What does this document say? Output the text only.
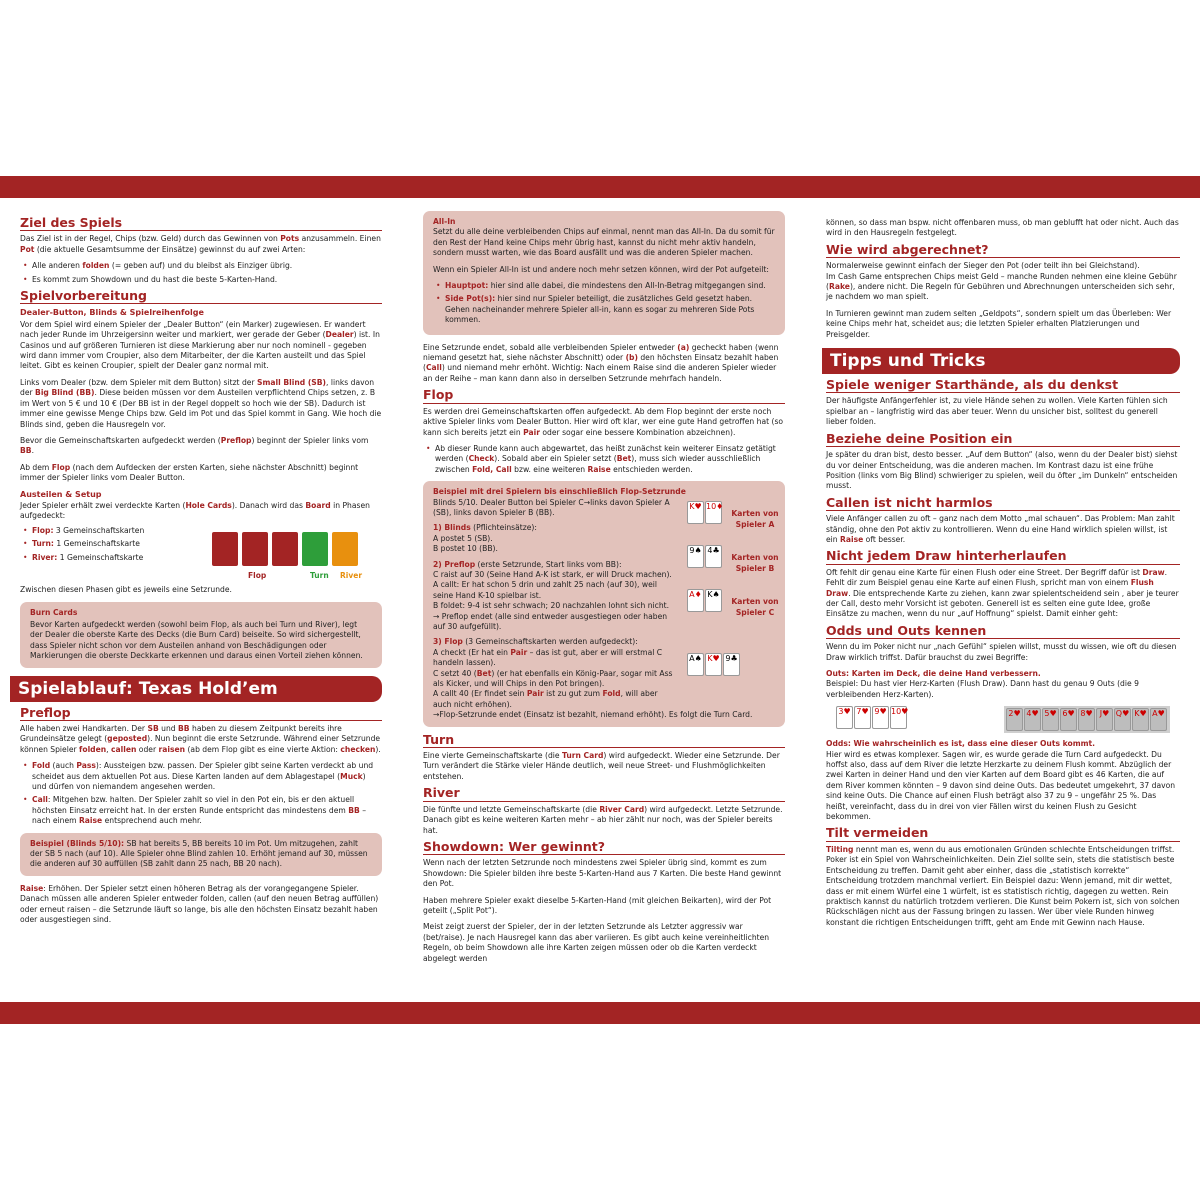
Ziel des Spiels

Das Ziel ist in der Regel, Chips (bzw. Geld) durch das Gewinnen von Pots anzusammeln. Einen Pot (die aktuelle Gesamtsumme der Einsätze) gewinnst du auf zwei Arten:

• Alle anderen folden (= geben auf) und du bleibst als Einziger übrig.
• Es kommt zum Showdown und du hast die beste 5-Karten-Hand.
Spielvorbereitung
Dealer-Button, Blinds & Spielreihenfolge

Vor dem Spiel wird einem Spieler der „Dealer Button“ (ein Marker) zugewiesen. Er wandert nach jeder Runde im Uhrzeigersinn weiter und markiert, wer gerade der Geber (Dealer) ist. In Casinos und auf größeren Turnieren ist diese Markierung aber nur noch nominell - gegeben wird dann immer vom Croupier, also dem Mitarbeiter, der die Karten austeilt und das Spiel leitet. Gibt es keinen Croupier, spielt der Dealer ganz normal mit.

Links vom Dealer (bzw. dem Spieler mit dem Button) sitzt der Small Blind (SB), links davon der Big Blind (BB). Diese beiden müssen vor dem Austeilen verpflichtend Chips setzen, z. B im Wert von 5 € und 10 € (Der BB ist in der Regel doppelt so hoch wie der SB). Dadurch ist immer eine gewisse Menge Chips bzw. Geld im Pot und das Spiel kommt in Gang. Wie hoch die Blinds sind, geben die Hausregeln vor.

Bevor die Gemeinschaftskarten aufgedeckt werden (Preflop) beginnt der Spieler links vom BB.

Ab dem Flop (nach dem Aufdecken der ersten Karten, siehe nächster Abschnitt) beginnt immer der Spieler links vom Dealer Button.

Austeilen & Setup

Jeder Spieler erhält zwei verdeckte Karten (Hole Cards). Danach wird das Board in Phasen aufgedeckt:

• Flop: 3 Gemeinschaftskarten
• Turn: 1 Gemeinschaftskarte
• River: 1 Gemeinschaftskarte
Flop	Turn River

Zwischen diesen Phasen gibt es jeweils eine Setzrunde.

Burn Cards
Bevor Karten aufgedeckt werden (sowohl beim Flop, als auch bei Turn und River), legt der Dealer die oberste Karte des Decks (die Burn Card) beiseite. So wird sichergestellt, dass Spieler nicht schon vor dem Austeilen anhand von Beschädigungen oder Markierungen die oberste Deckkarte erkennen und daraus einen Vorteil ziehen können.
Spielablauf: Texas Hold’em
Preflop

Alle haben zwei Handkarten. Der SB und BB haben zu diesem Zeitpunkt bereits ihre Grundeinsätze gelegt (geposted). Nun beginnt die erste Setzrunde. Während einer Setzrunde können Spieler folden, callen oder raisen (ab dem Flop gibt es eine vierte Aktion: checken).

• Fold (auch Pass): Aussteigen bzw. passen. Der Spieler gibt seine Karten verdeckt ab und scheidet aus dem aktuellen Pot aus. Diese Karten landen auf dem Ablagestapel (Muck) und dürfen von niemandem angesehen werden.
• Call: Mitgehen bzw. halten. Der Spieler zahlt so viel in den Pot ein, bis er den aktuell höchsten Einsatz erreicht hat. In der ersten Runde entspricht das mindestens dem BB – nach einem Raise entsprechend auch mehr.
Beispiel (Blinds 5/10): SB hat bereits 5, BB bereits 10 im Pot. Um mitzugehen, zahlt der SB 5 nach (auf 10). Alle Spieler ohne Blind zahlen 10. Erhöht jemand auf 30, müssen die anderen auf 30 auffüllen (SB zahlt dann 25 nach, BB 20 nach).

Raise: Erhöhen. Der Spieler setzt einen höheren Betrag als der vorangegangene Spieler. Danach müssen alle anderen Spieler entweder folden, callen (auf den neuen Betrag auffüllen) oder erneut raisen – die Setzrunde läuft so lange, bis alle den höchsten Einsatz bezahlt haben oder ausgestiegen sind.

All-In

Setzt du alle deine verbleibenden Chips auf einmal, nennt man das All-In. Da du somit für den Rest der Hand keine Chips mehr übrig hast, kannst du nicht mehr aktiv handeln, sondern musst warten, wie das Board ausfällt und was die anderen Spieler machen.

Wenn ein Spieler All-In ist und andere noch mehr setzen können, wird der Pot aufgeteilt:

• Hauptpot: hier sind alle dabei, die mindestens den All-In-Betrag mitgegangen sind.
• Side Pot(s): hier sind nur Spieler beteiligt, die zusätzliches Geld gesetzt haben. Gehen nacheinander mehrere Spieler all-in, kann es sogar zu mehreren Side Pots kommen.

Eine Setzrunde endet, sobald alle verbleibenden Spieler entweder (a) gecheckt haben (wenn niemand gesetzt hat, siehe nächster Abschnitt) oder (b) den höchsten Einsatz bezahlt haben (Call) und niemand mehr erhöht. Wichtig: Nach einem Raise sind die anderen Spieler wieder an der Reihe – man kann dann also in derselben Setzrunde mehrfach handeln.

Flop

Es werden drei Gemeinschaftskarten offen aufgedeckt. Ab dem Flop beginnt der erste noch aktive Spieler links vom Dealer Button. Hier wird oft klar, wer eine gute Hand getroffen hat (so kann sich bereits jetzt ein Pair oder sogar eine bessere Kombination abzeichnen).

• Ab dieser Runde kann auch abgewartet, das heißt zunächst kein weiterer Einsatz getätigt werden (Check). Sobald aber ein Spieler setzt (Bet), muss sich wieder ausschließlich zwischen Fold, Call bzw. eine weiteren Raise entschieden werden.
Beispiel mit drei Spielern bis einschließlich Flop-Setzrunde

Blinds 5/10. Dealer Button bei Spieler C→links davon Spieler A (SB), links davon Spieler B (BB).

1) Blinds (Pflichteinsätze):
A postet 5 (SB).
B postet 10 (BB).
2) Preflop (erste Setzrunde, Start links vom BB):
C raist auf 30 (Seine Hand A-K ist stark, er will Druck machen).
A callt: Er hat schon 5 drin und zahlt 25 nach (auf 30), weil seine Hand K-10 spielbar ist.
B foldet: 9-4 ist sehr schwach; 20 nachzahlen lohnt sich nicht.
→ Preflop endet (alle sind entweder ausgestiegen oder haben auf 30 aufgefüllt).
3) Flop (3 Gemeinschaftskarten werden aufgedeckt):
A checkt (Er hat ein Pair – das ist gut, aber er will erstmal C handeln lassen).
C setzt 40 (Bet) (er hat ebenfalls ein König-Paar, sogar mit Ass als Kicker, und will Chips in den Pot bringen).
A callt 40 (Er findet sein Pair ist zu gut zum Fold, will aber auch nicht erhöhen).
→Flop-Setzrunde endet (Einsatz ist bezahlt, niemand erhöht). Es folgt die Turn Card.
K♥ 10♦
Karten von Spieler A
9♠ 4♣
Karten von Spieler B
A♦ K♠
Karten von Spieler C
A♠ K♥ 9♣
Turn

Eine vierte Gemeinschaftskarte (die Turn Card) wird aufgedeckt. Wieder eine Setzrunde. Der Turn verändert die Stärke vieler Hände deutlich, weil neue Street- und Flushmöglichkeiten entstehen.

River

Die fünfte und letzte Gemeinschaftskarte (die River Card) wird aufgedeckt. Letzte Setzrunde. Danach gibt es keine weiteren Karten mehr – ab hier zählt nur noch, was der Spieler bereits hat.

Showdown: Wer gewinnt?

Wenn nach der letzten Setzrunde noch mindestens zwei Spieler übrig sind, kommt es zum Showdown: Die Spieler bilden ihre beste 5-Karten-Hand aus 7 Karten. Die beste Hand gewinnt den Pot.

Haben mehrere Spieler exakt dieselbe 5-Karten-Hand (mit gleichen Beikarten), wird der Pot geteilt („Split Pot“).

Meist zeigt zuerst der Spieler, der in der letzten Setzrunde als Letzter aggressiv war (bet/raise). Je nach Hausregel kann das aber variieren. Es gibt auch keine vereinheitlichten Regeln, ob beim Showdown alle ihre Karten zeigen müssen oder ob die Karten verdeckt abgelegt werden

können, so dass man bspw. nicht offenbaren muss, ob man geblufft hat oder nicht. Auch das wird in den Hausregeln festgelegt.

Wie wird abgerechnet?

Normalerweise gewinnt einfach der Sieger den Pot (oder teilt ihn bei Gleichstand).
Im Cash Game entsprechen Chips meist Geld – manche Runden nehmen eine kleine Gebühr (Rake), andere nicht. Die Regeln für Gebühren und Abrechnungen unterscheiden sich sehr, je nachdem wo man spielt.

In Turnieren gewinnt man zudem selten „Geldpots“, sondern spielt um das Überleben: Wer keine Chips mehr hat, scheidet aus; die letzten Spieler erhalten Platzierungen und Preisgelder.

Tipps und Tricks
Spiele weniger Starthände, als du denkst

Der häufigste Anfängerfehler ist, zu viele Hände sehen zu wollen. Viele Karten fühlen sich spielbar an – langfristig wird das aber teuer. Wenn du unsicher bist, solltest du generell lieber folden.

Beziehe deine Position ein

Je später du dran bist, desto besser. „Auf dem Button“ (also, wenn du der Dealer bist) siehst du vor deiner Entscheidung, was die anderen machen. Im Kontrast dazu ist eine frühe Position (links vom Big Blind) schwieriger zu spielen, weil du öfter „im Dunkeln“ entscheiden musst.

Callen ist nicht harmlos

Viele Anfänger callen zu oft – ganz nach dem Motto „mal schauen“. Das Problem: Man zahlt ständig, ohne den Pot aktiv zu kontrollieren. Wenn du eine Hand wirklich spielen willst, ist ein Raise oft besser.

Nicht jedem Draw hinterherlaufen

Oft fehlt dir genau eine Karte für einen Flush oder eine Street. Der Begriff dafür ist Draw. Fehlt dir zum Beispiel genau eine Karte auf einen Flush, spricht man von einem Flush Draw. Die entsprechende Karte zu ziehen, kann zwar spielentscheidend sein , aber je teurer der Call, desto mehr Vorsicht ist geboten. Generell ist es selten eine gute Idee, große Einsätze zu machen, wenn du nur „auf Hoffnung“ spielst. Damit einher geht:

Odds und Outs kennen

Wenn du im Poker nicht nur „nach Gefühl“ spielen willst, musst du wissen, wie oft du diesen Draw wirklich triffst. Dafür brauchst du zwei Begriffe:

Outs: Karten im Deck, die deine Hand verbessern.

Beispiel: Du hast vier Herz-Karten (Flush Draw). Dann hast du genau 9 Outs (die 9 verbleibenden Herz-Karten).

3♥ 7♥ 9♥ 10♥	2♥ 4♥ 5♥ 6♥ 8♥ J♥ Q♥ K♥ A♥
Odds: Wie wahrscheinlich es ist, dass eine dieser Outs kommt.

Hier wird es etwas komplexer. Sagen wir, es wurde gerade die Turn Card aufgedeckt. Du hoffst also, dass auf dem River die letzte Herzkarte zu deinem Flush kommt. Abzüglich der zwei Karten in deiner Hand und den vier Karten auf dem Board gibt es 46 Karten, die auf dem River kommen könnten – 9 davon sind deine Outs. Das bedeutet umgekehrt, 37 davon sind keine Outs. Die Chance auf einen Flush beträgt also 37 zu 9 – ungefähr 25 %. Das heißt, vereinfacht, dass du in drei von vier Fällen wirst du keinen Flush zu Gesicht bekommen.

Tilt vermeiden

Tilting nennt man es, wenn du aus emotionalen Gründen schlechte Entscheidungen triffst. Poker ist ein Spiel von Wahrscheinlichkeiten. Dein Ziel sollte sein, stets die statistisch beste Entscheidung zu treffen. Damit geht aber einher, dass die „statistisch korrekte“ Entscheidung trotzdem manchmal verliert. Ein Beispiel dazu: Wenn jemand, mit dir wettet, dass er mit einem Würfel eine 1 würfelt, ist es statistisch richtig, dagegen zu wetten. Rein praktisch kannst du natürlich trotzdem verlieren. Die Kunst beim Pokern ist, sich von solchen Rückschlägen nicht aus der Fassung bringen zu lassen. Wer über viele Runden hinweg konstant die richtigen Entscheidungen trifft, geht am Ende mit Gewinn nach Hause.
